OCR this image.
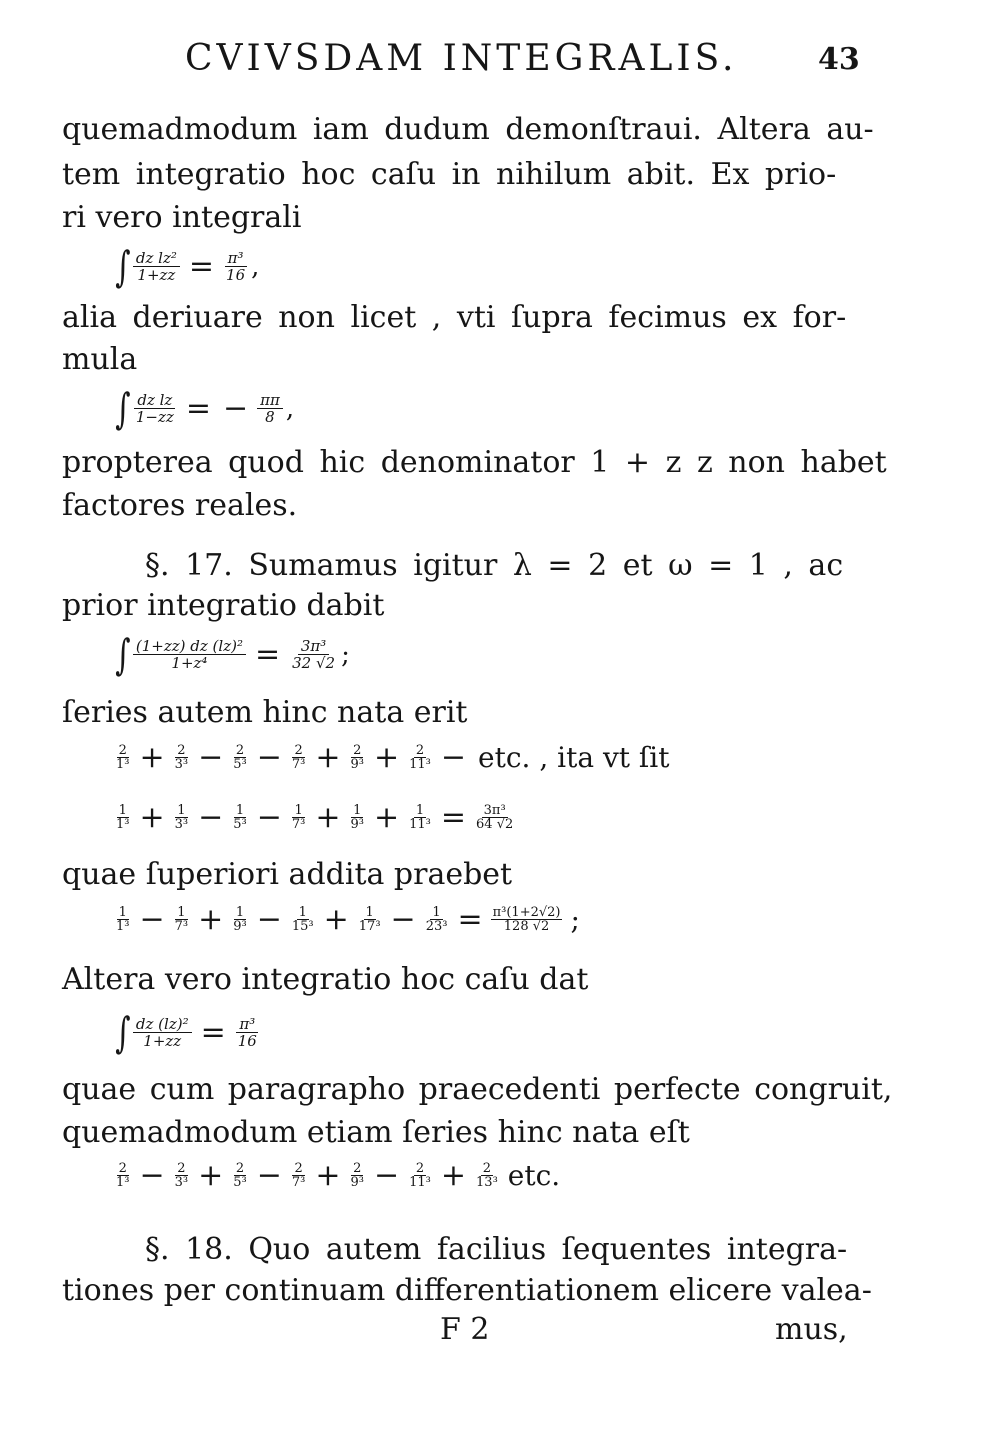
CVIVSDAM INTEGRALIS.	43
quemadmodum iam dudum demonſtraui. Altera au-
tem integratio hoc caſu in nihilum abit. Ex prio-
ri vero integrali
∫ $\frac{\text{dz lz²}}{1+zz} = \frac{\text{π³}}{16}$ ,
alia deriuare non licet , vti ſupra fecimus ex for-
mula
∫ $\frac{\text{dz lz}}{1-zz}$ = − $\frac{\pi\pi}{8}$ ,
propterea quod hic denominator 1 + z z non habet
factores reales.
§. 17. Sumamus igitur λ = 2 et ω = 1 , ac
prior integratio dabit
∫ $\frac{\text{(1+zz) dz (lz)²}}{\text{1+z⁴}} = \frac{\text{3π³}}{32 √2}$ ;
ſeries autem hinc nata erit
$\frac{2}{\text{1³}} + \frac{2}{\text{3³}} - \frac{2}{\text{5³}} - \frac{2}{\text{7³}} + \frac{2}{\text{9³}} + \frac{2}{\text{11³}}$ − etc. , ita vt ſit
$\frac{1}{\text{1³}} + \frac{1}{\text{3³}} - \frac{1}{\text{5³}} - \frac{1}{\text{7³}} + \frac{1}{\text{9³}} + \frac{1}{\text{11³}} = \frac{\text{3π³}}{64 √2}$
quae ſuperiori addita praebet
$\frac{1}{\text{1³}} - \frac{1}{\text{7³}} + \frac{1}{\text{9³}} - \frac{1}{\text{15³}} + \frac{1}{\text{17³}} - \frac{1}{\text{23³}} = \frac{\text{π³(1+2√2)}}{128 √2}$ ;
Altera vero integratio hoc caſu dat
∫ $\frac{\text{dz (lz)²}}{1+zz} = \frac{\text{π³}}{16}$
quae cum paragrapho praecedenti perfecte congruit,
quemadmodum etiam ſeries hinc nata eſt
$\frac{2}{\text{1³}} - \frac{2}{\text{3³}} + \frac{2}{\text{5³}} - \frac{2}{\text{7³}} + \frac{2}{\text{9³}} - \frac{2}{\text{11³}} + \frac{2}{\text{13³}}$ etc.
§. 18. Quo autem facilius ſequentes integra-
tiones per continuam differentiationem elicere valea-
F 2	mus,
